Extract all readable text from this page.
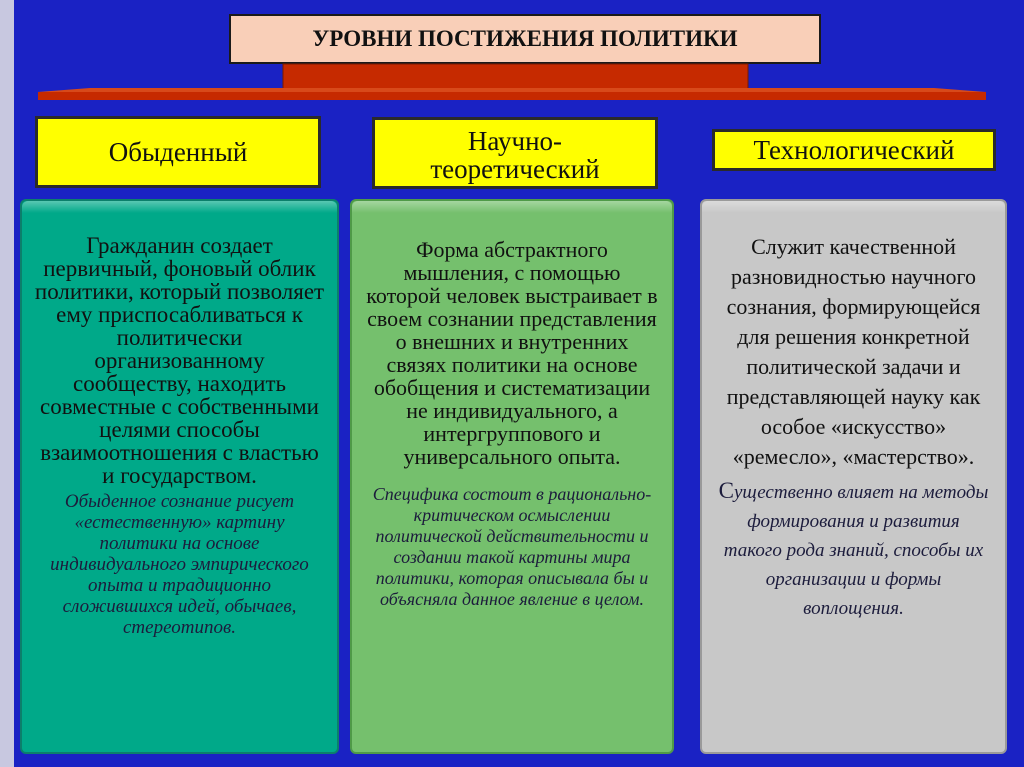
УРОВНИ ПОСТИЖЕНИЯ ПОЛИТИКИ
Обыденный	Научно-
теоретический
Технологический
Гражданин создает первичный, фоновый облик политики, который позволяет ему приспосабливаться к политически организованному сообществу, находить совместные с собственными целями способы взаимоотношения с властью и государством.
Обыденное сознание рисует «естественную» картину политики на основе индивидуального эмпирического опыта и традиционно сложившихся идей, обычаев, стереотипов.
Форма абстрактного мышления, с помощью которой человек выстраивает в своем сознании представления о внешних и внутренних связях политики на основе обобщения и систематизации не индивидуального, а интергруппового и универсального опыта.
Специфика состоит в рационально-критическом осмыслении политической действительности и создании такой картины мира политики, которая описывала бы и объясняла данное явление в целом.
Служит качественной разновидностью научного сознания, формирующейся для решения конкретной политической задачи и представляющей науку как особое «искусство» «ремесло», «мастерство».
Существенно влияет на методы формирования и развития такого рода знаний, способы их организации и формы воплощения.
